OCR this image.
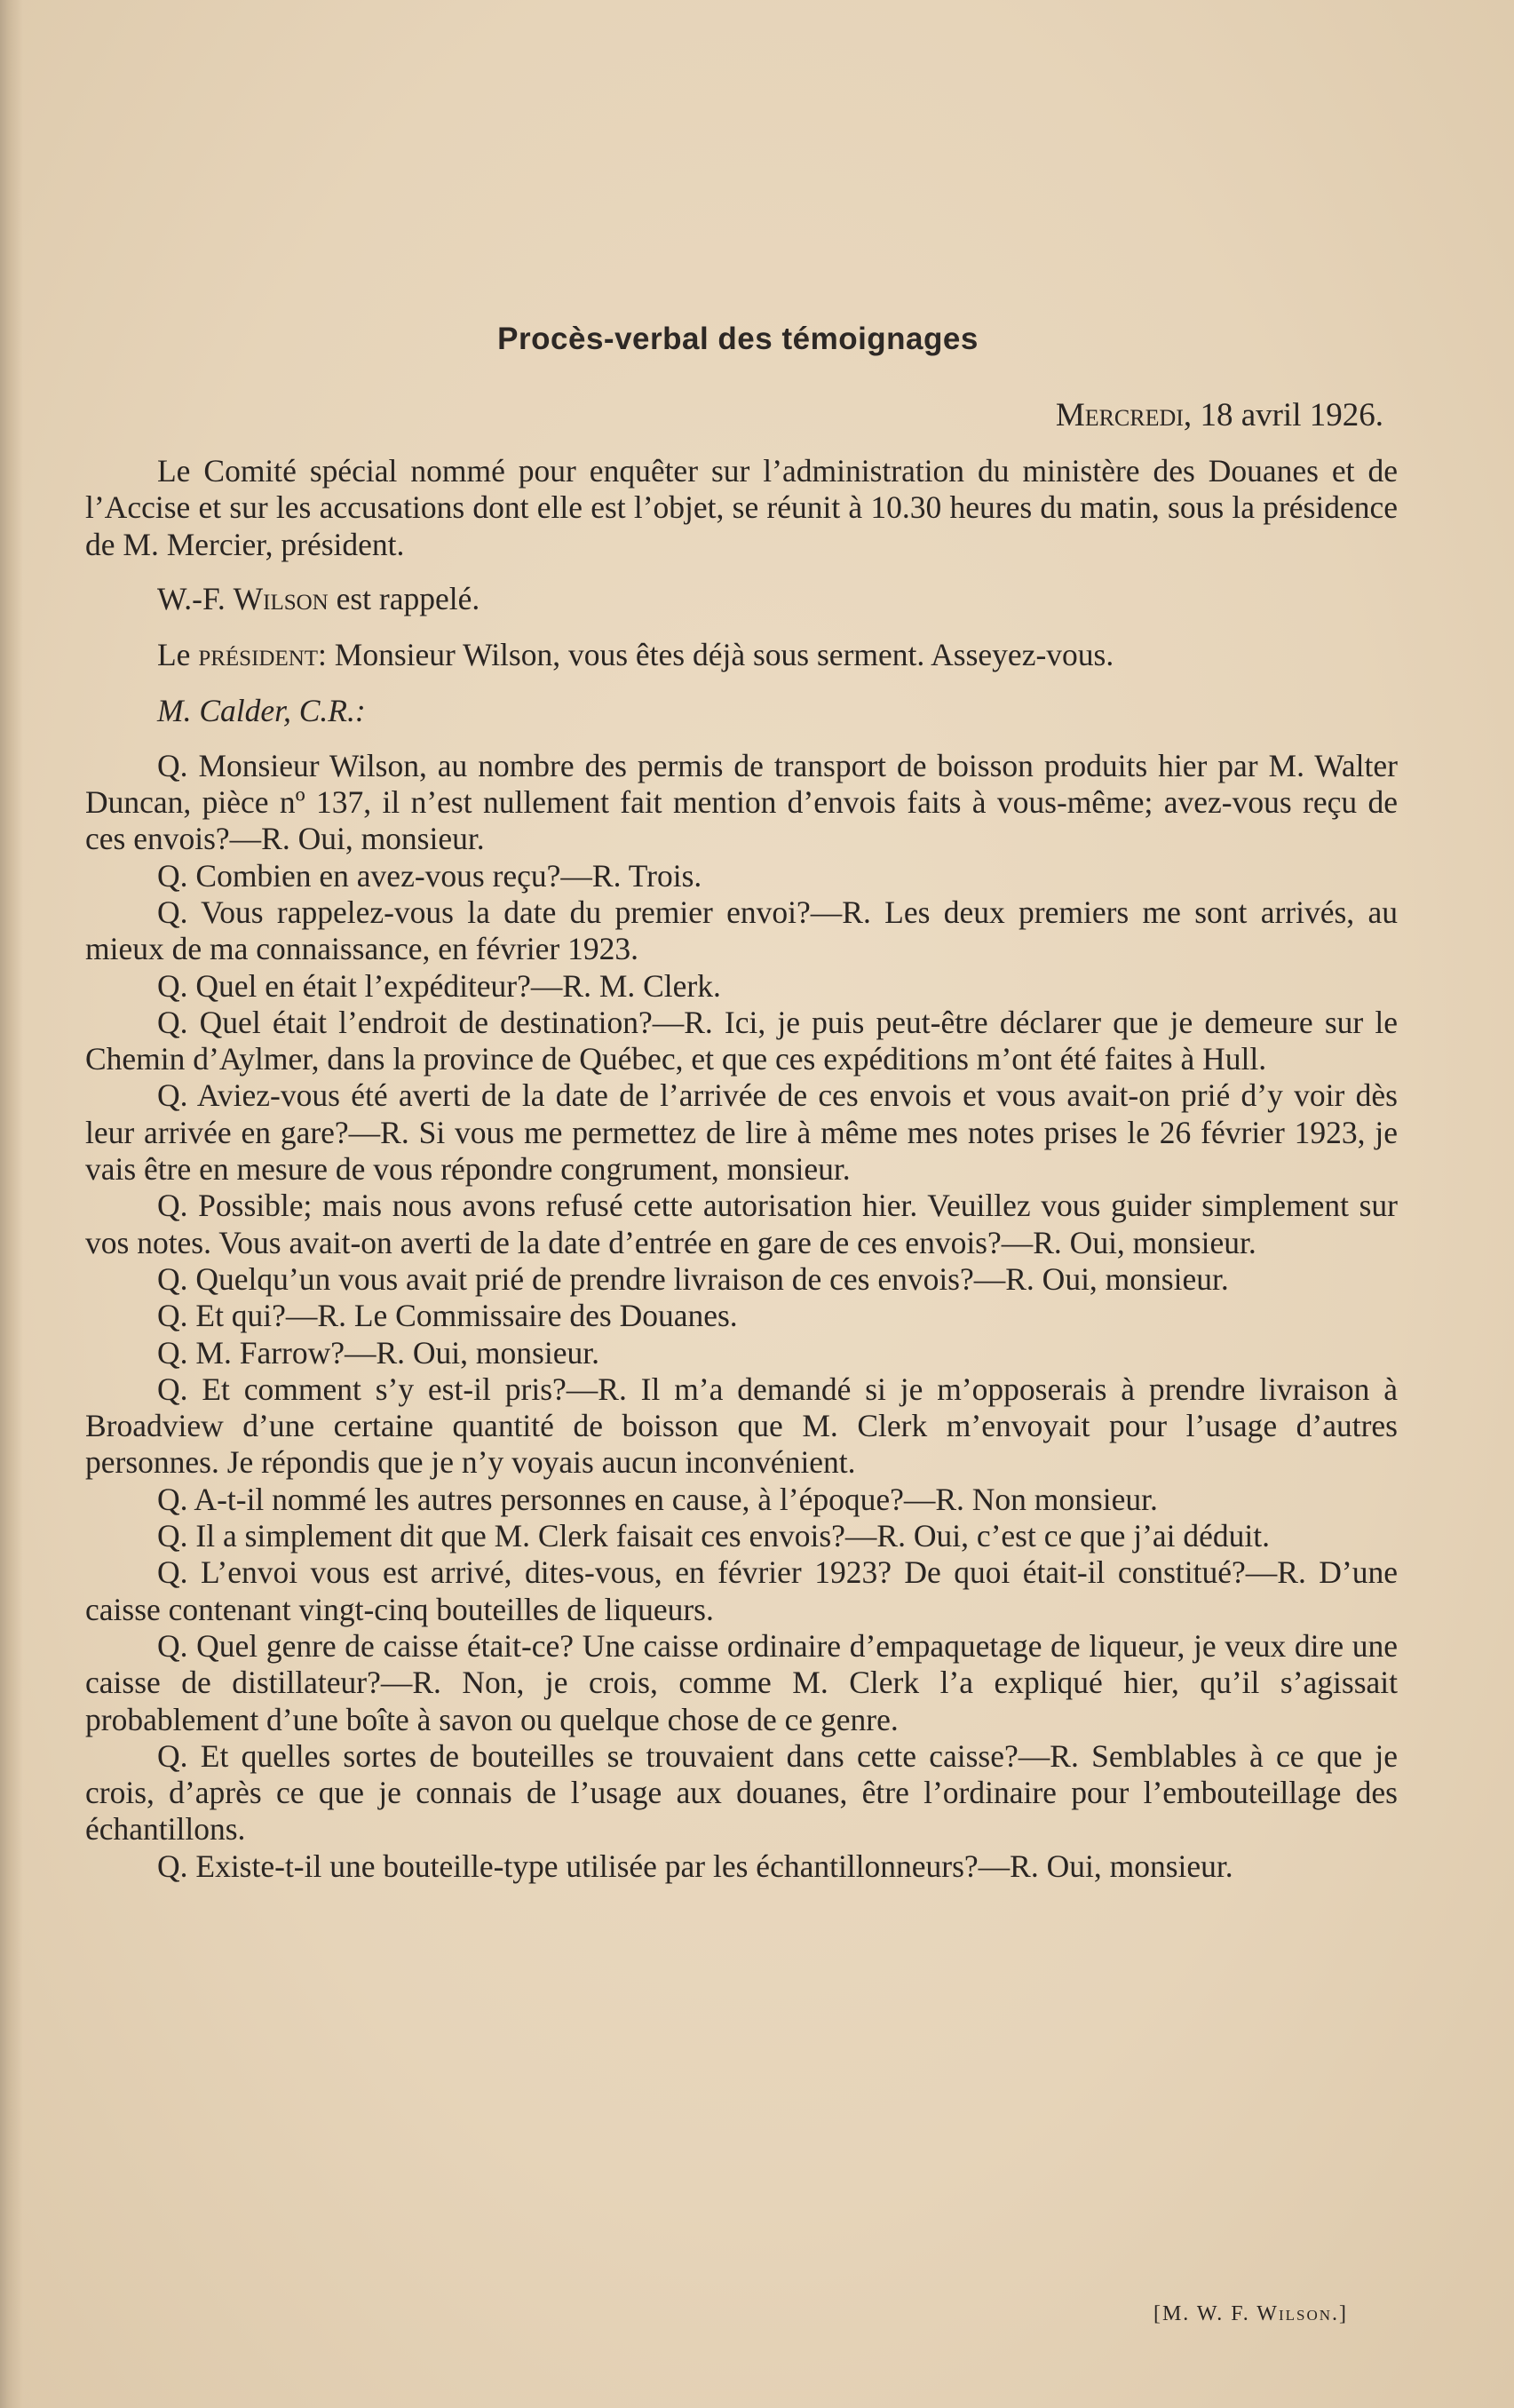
Procès-verbal des témoignages
Mercredi, 18 avril 1926.

Le Comité spécial nommé pour enquêter sur l’administration du ministère des Douanes et de l’Accise et sur les accusations dont elle est l’objet, se réunit à 10.30 heures du matin, sous la présidence de M. Mercier, président.

W.-F. Wilson est rappelé.

Le président: Monsieur Wilson, vous êtes déjà sous serment. Asseyez-vous.

M. Calder, C.R.:

Q. Monsieur Wilson, au nombre des permis de transport de boisson produits hier par M. Walter Duncan, pièce nº 137, il n’est nullement fait mention d’envois faits à vous-même; avez-vous reçu de ces envois?—R. Oui, monsieur.

Q. Combien en avez-vous reçu?—R. Trois.

Q. Vous rappelez-vous la date du premier envoi?—R. Les deux premiers me sont arrivés, au mieux de ma connaissance, en février 1923.

Q. Quel en était l’expéditeur?—R. M. Clerk.

Q. Quel était l’endroit de destination?—R. Ici, je puis peut-être déclarer que je demeure sur le Chemin d’Aylmer, dans la province de Québec, et que ces expéditions m’ont été faites à Hull.

Q. Aviez-vous été averti de la date de l’arrivée de ces envois et vous avait-on prié d’y voir dès leur arrivée en gare?—R. Si vous me permettez de lire à même mes notes prises le 26 février 1923, je vais être en mesure de vous répondre congrument, monsieur.

Q. Possible; mais nous avons refusé cette autorisation hier. Veuillez vous guider simplement sur vos notes. Vous avait-on averti de la date d’entrée en gare de ces envois?—R. Oui, monsieur.

Q. Quelqu’un vous avait prié de prendre livraison de ces envois?—R. Oui, monsieur.

Q. Et qui?—R. Le Commissaire des Douanes.

Q. M. Farrow?—R. Oui, monsieur.

Q. Et comment s’y est-il pris?—R. Il m’a demandé si je m’opposerais à prendre livraison à Broadview d’une certaine quantité de boisson que M. Clerk m’envoyait pour l’usage d’autres personnes. Je répondis que je n’y voyais aucun inconvénient.

Q. A-t-il nommé les autres personnes en cause, à l’époque?—R. Non monsieur.

Q. Il a simplement dit que M. Clerk faisait ces envois?—R. Oui, c’est ce que j’ai déduit.

Q. L’envoi vous est arrivé, dites-vous, en février 1923? De quoi était-il constitué?—R. D’une caisse contenant vingt-cinq bouteilles de liqueurs.

Q. Quel genre de caisse était-ce? Une caisse ordinaire d’empaquetage de liqueur, je veux dire une caisse de distillateur?—R. Non, je crois, comme M. Clerk l’a expliqué hier, qu’il s’agissait probablement d’une boîte à savon ou quelque chose de ce genre.

Q. Et quelles sortes de bouteilles se trouvaient dans cette caisse?—R. Semblables à ce que je crois, d’après ce que je connais de l’usage aux douanes, être l’ordinaire pour l’embouteillage des échantillons.

Q. Existe-t-il une bouteille-type utilisée par les échantillonneurs?—R. Oui, monsieur.

[M. W. F. Wilson.]
